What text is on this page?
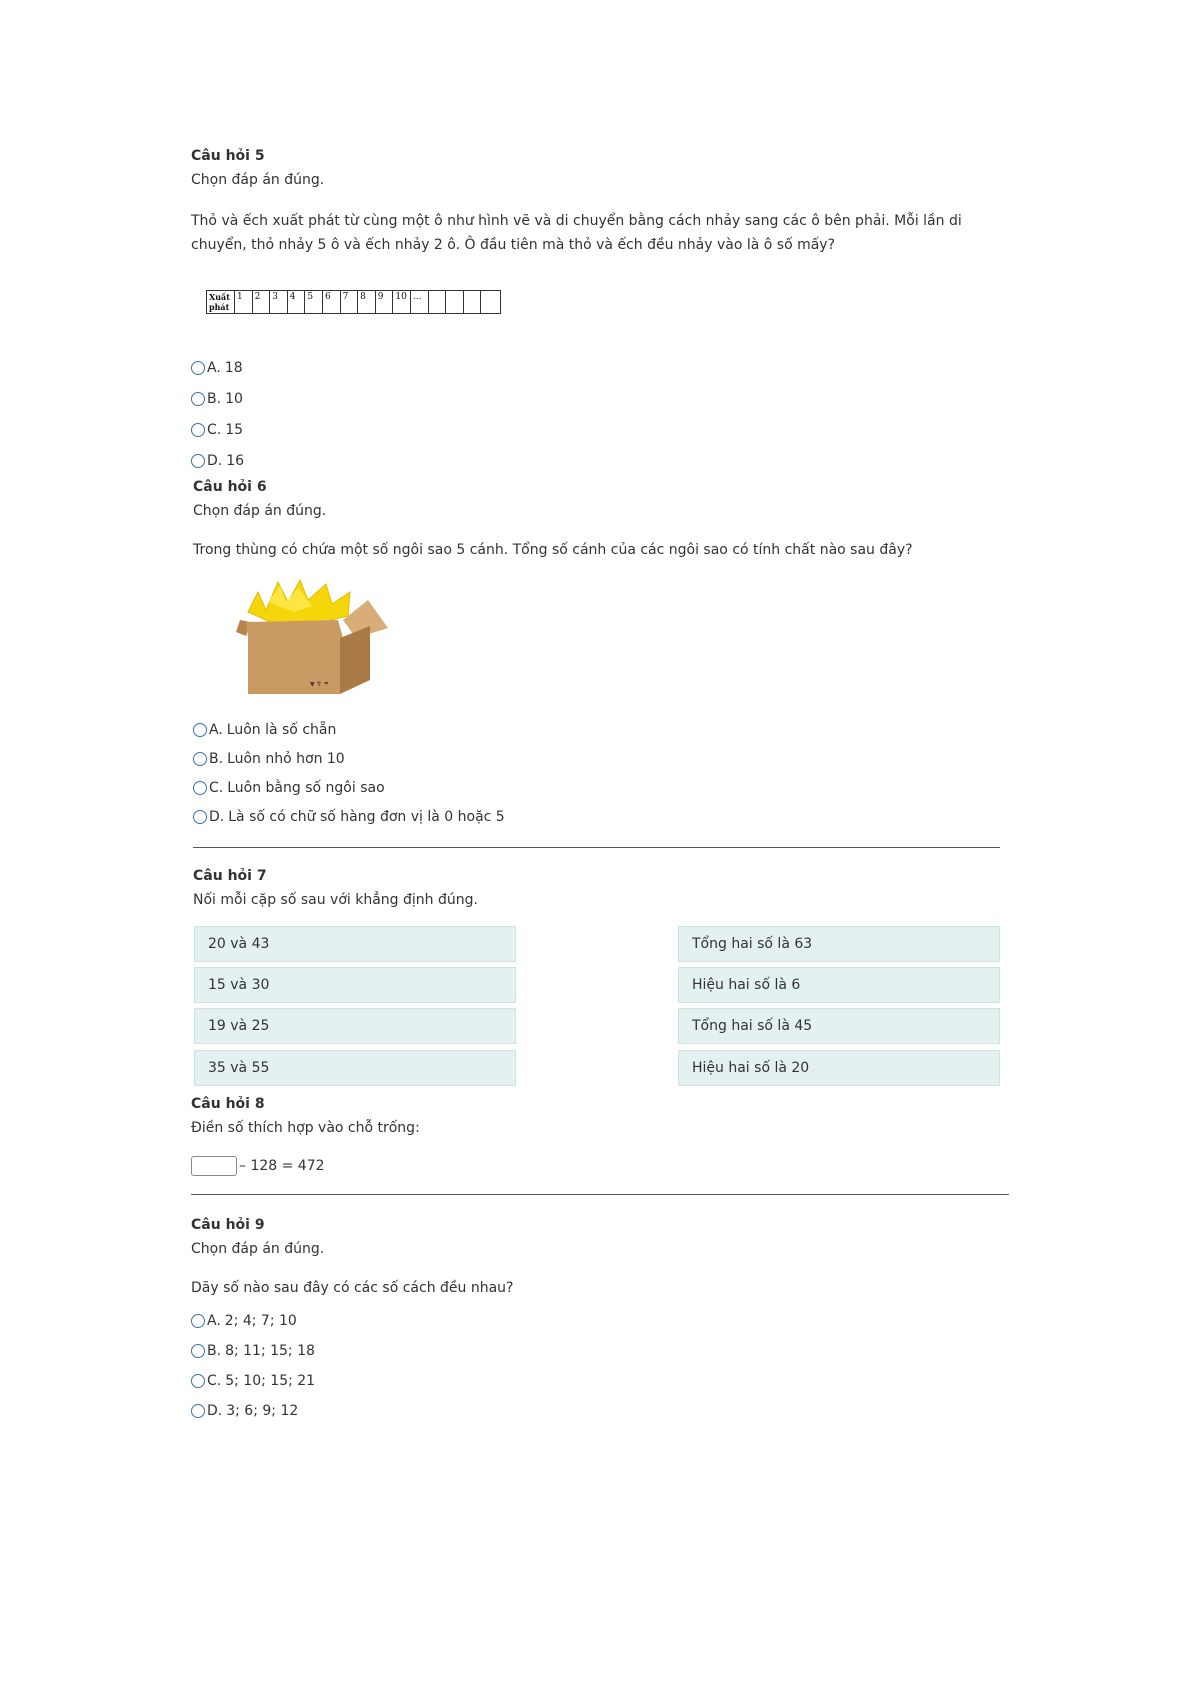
Câu hỏi 5
Chọn đáp án đúng.
Thỏ và ếch xuất phát từ cùng một ô như hình vẽ và di chuyển bằng cách nhảy sang các ô bên phải. Mỗi lần di
chuyển, thỏ nhảy 5 ô và ếch nhảy 2 ô. Ô đầu tiên mà thỏ và ếch đều nhảy vào là ô số mấy?
Xuất
phát
1	2	3	4	5	6	7	8	9	10 ...
A. 18
B. 10
C. 15
D. 16
Câu hỏi 6
Chọn đáp án đúng.
Trong thùng có chứa một số ngôi sao 5 cánh. Tổng số cánh của các ngôi sao có tính chất nào sau đây?
▼ ⇈ ☂
A. Luôn là số chẵn
B. Luôn nhỏ hơn 10
C. Luôn bằng số ngôi sao
D. Là số có chữ số hàng đơn vị là 0 hoặc 5
Câu hỏi 7
Nối mỗi cặp số sau với khẳng định đúng.
20 và 43
15 và 30
19 và 25
35 và 55
Tổng hai số là 63
Hiệu hai số là 6
Tổng hai số là 45
Hiệu hai số là 20
Câu hỏi 8
Điền số thích hợp vào chỗ trống:
– 128 = 472
Câu hỏi 9
Chọn đáp án đúng.
Dãy số nào sau đây có các số cách đều nhau?
A. 2; 4; 7; 10
B. 8; 11; 15; 18
C. 5; 10; 15; 21
D. 3; 6; 9; 12
